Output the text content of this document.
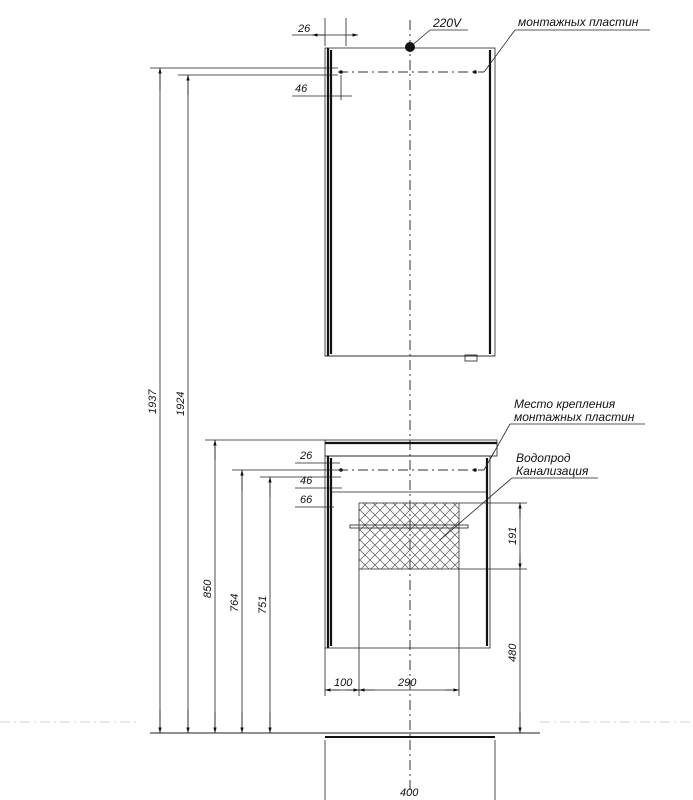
26
46
220V	монтажных пластин
1937 1924
26
46
66
850
764 751
191
480
Место крепления
монтажных пластин
Водопрод
Канализация
100	290
400
